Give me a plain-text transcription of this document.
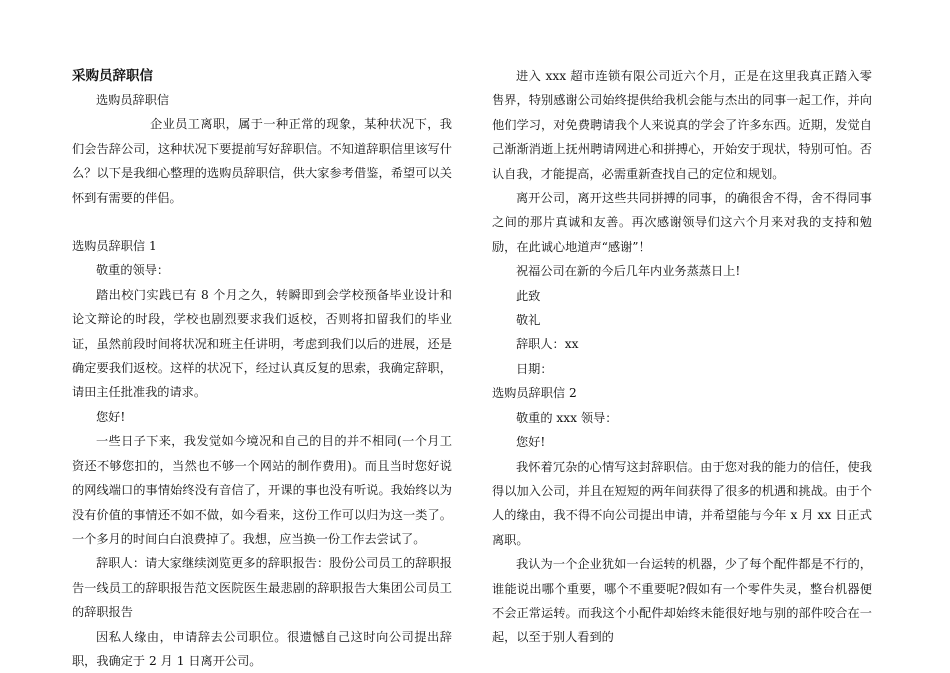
采购员辞职信

选购员辞职信

企业员工离职，属于一种正常的现象，某种状况下，我们会告辞公司，这种状况下要提前写好辞职信。不知道辞职信里该写什么？以下是我细心整理的选购员辞职信，供大家参考借鉴，希望可以关怀到有需要的伴侣。

选购员辞职信 1

敬重的领导：

踏出校门实践已有 8 个月之久，转瞬即到会学校预备毕业设计和论文辩论的时段，学校也剧烈要求我们返校，否则将扣留我们的毕业证，虽然前段时间将状况和班主任讲明，考虑到我们以后的进展，还是确定要我们返校。这样的状况下，经过认真反复的思索，我确定辞职，请田主任批准我的请求。

您好!

一些日子下来，我发觉如今境况和自己的目的并不相同(一个月工资还不够您扣的，当然也不够一个网站的制作费用)。而且当时您好说的网线端口的事情始终没有音信了，开课的事也没有听说。我始终以为没有价值的事情还不如不做，如今看来，这份工作可以归为这一类了。一个多月的时间白白浪费掉了。我想，应当换一份工作去尝试了。

辞职人：请大家继续浏览更多的辞职报告：股份公司员工的辞职报告一线员工的辞职报告范文医院医生最悲剧的辞职报告大集团公司员工的辞职报告

因私人缘由，申请辞去公司职位。很遗憾自己这时向公司提出辞职，我确定于 2 月 1 日离开公司。

进入 xxx 超市连锁有限公司近六个月，正是在这里我真正踏入零售界，特别感谢公司始终提供给我机会能与杰出的同事一起工作，并向他们学习，对免费聘请我个人来说真的学会了许多东西。近期，发觉自己渐渐消逝上抚州聘请网进心和拼搏心，开始安于现状，特别可怕。否认自我，才能提高，必需重新查找自己的定位和规划。

离开公司，离开这些共同拼搏的同事，的确很舍不得，舍不得同事之间的那片真诚和友善。再次感谢领导们这六个月来对我的支持和勉励，在此诚心地道声“感谢”！

祝福公司在新的今后几年内业务蒸蒸日上!

此致

敬礼

辞职人：xx

日期：

选购员辞职信 2

敬重的 xxx 领导：

您好!

我怀着冗杂的心情写这封辞职信。由于您对我的能力的信任，使我得以加入公司，并且在短短的两年间获得了很多的机遇和挑战。由于个人的缘由，我不得不向公司提出申请，并希望能与今年 x 月 xx 日正式离职。

我认为一个企业犹如一台运转的机器，少了每个配件都是不行的，谁能说出哪个重要，哪个不重要呢?假如有一个零件失灵，整台机器便不会正常运转。而我这个小配件却始终未能很好地与别的部件咬合在一起，以至于别人看到的
